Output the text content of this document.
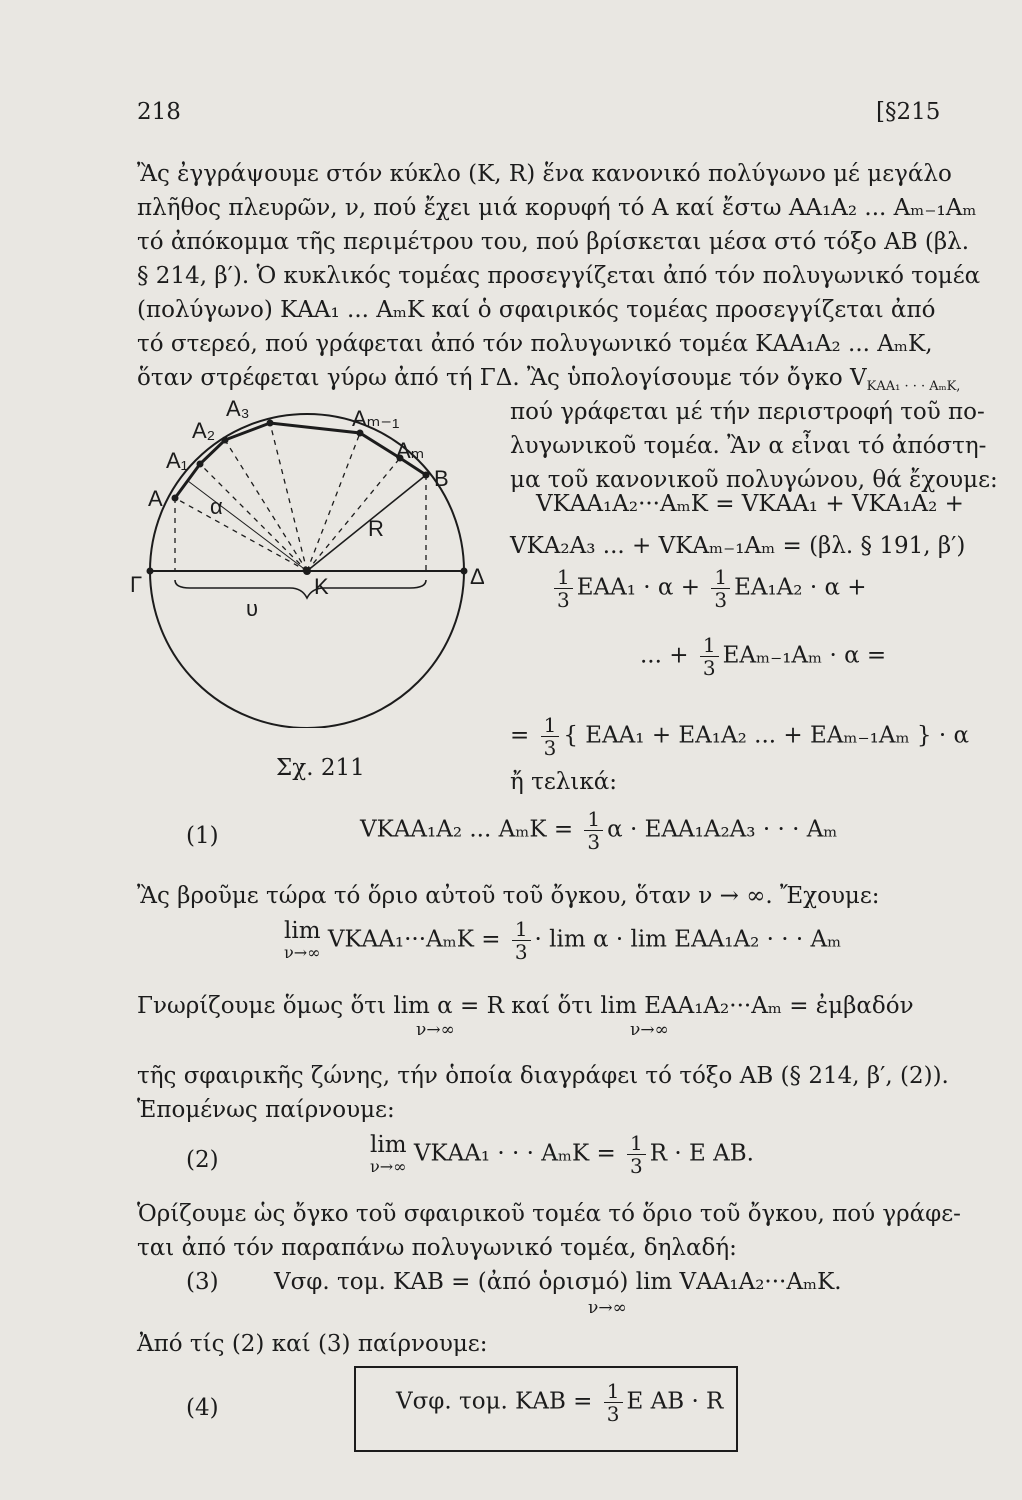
218	[§215
Ἂς ἐγγράψουμε στόν κύκλο (Κ, R) ἕνα κανονικό πολύγωνο μέ μεγάλο
πλῆθος πλευρῶν, ν, πού ἔχει μιά κορυφή τό Α καί ἔστω ΑΑ₁Α₂ ... Αₘ₋₁Αₘ
τό ἀπόκομμα τῆς περιμέτρου του, πού βρίσκεται μέσα στό τόξο ΑΒ (βλ.
§ 214, β′). Ὁ κυκλικός τομέας προσεγγίζεται ἀπό τόν πολυγωνικό τομέα
(πολύγωνο) ΚΑΑ₁ ... ΑₘΚ καί ὁ σφαιρικός τομέας προσεγγίζεται ἀπό
τό στερεό, πού γράφεται ἀπό τόν πολυγωνικό τομέα ΚΑΑ₁Α₂ ... ΑₘΚ,
ὅταν στρέφεται γύρω ἀπό τή ΓΔ. Ἂς ὑπολογίσουμε τόν ὄγκο $V_{KAA_1 \cdot \cdot \cdot A_mK,}$
πού γράφεται μέ τήν περιστροφή τοῦ πο-
λυγωνικοῦ τομέα. Ἂν α εἶναι τό ἀπόστη-
μα τοῦ κανονικοῦ πολυγώνου, θά ἔχουμε:
Α
Α₁
Α₂
Α₃	Αₘ₋₁
Αₘ
Β
Γ	Δ
Κ
R
α
υ
Σχ. 211
VΚΑΑ₁Α₂···ΑₘΚ = VΚΑΑ₁ + VΚΑ₁Α₂ +
VΚΑ₂Α₃ ... + VΚΑₘ₋₁Αₘ = (βλ. § 191, β′)
$\frac{1}{3} EAA_1 \cdot \alpha + \frac{1}{3} EA_1A_2 \cdot \alpha$ +
... + $\frac{1}{3} EA_{m-1}A_m \cdot \alpha$ =
= $\frac{1}{3}$ { ΕΑΑ₁ + ΕΑ₁Α₂ ... + ΕΑₘ₋₁Αₘ } · α
ἤ τελικά:
(1)	VΚΑΑ₁Α₂ ... $A_mK = \frac{1}{3}$ α · ΕΑΑ₁Α₂Α₃ · · · Αₘ
Ἂς βροῦμε τώρα τό ὅριο αὐτοῦ τοῦ ὄγκου, ὅταν ν → ∞. Ἔχουμε:
lim
ν→∞ $VKAA_1\cdot\cdot\cdot A_mK = \frac{1}{3} \cdot \lim \alpha \cdot \lim EAA_1A_2$ · · · Αₘ
Γνωρίζουμε ὅμως ὅτι lim α = R καί ὅτι lim ΕΑΑ₁Α₂···Αₘ = ἐμβαδόν
ν→∞	ν→∞
τῆς σφαιρικῆς ζώνης, τήν ὁποία διαγράφει τό τόξο ΑΒ (§ 214, β′, (2)).
Ἑπομένως παίρνουμε:
(2)
lim
ν→∞ VΚΑΑ₁ · · · $A_mK = \frac{1}{3}$ R · Ε ΑΒ.
Ὁρίζουμε ὡς ὄγκο τοῦ σφαιρικοῦ τομέα τό ὅριο τοῦ ὄγκου, πού γράφε-
ται ἀπό τόν παραπάνω πολυγωνικό τομέα, δηλαδή:
(3) Vσφ. τομ. ΚΑΒ = (ἀπό ὁρισμό) lim VΑΑ₁Α₂···ΑₘΚ.
ν→∞
Ἀπό τίς (2) καί (3) παίρνουμε:
(4)	Vσφ. τομ. $KAB = \frac{1}{3}$ Ε ΑΒ · R
